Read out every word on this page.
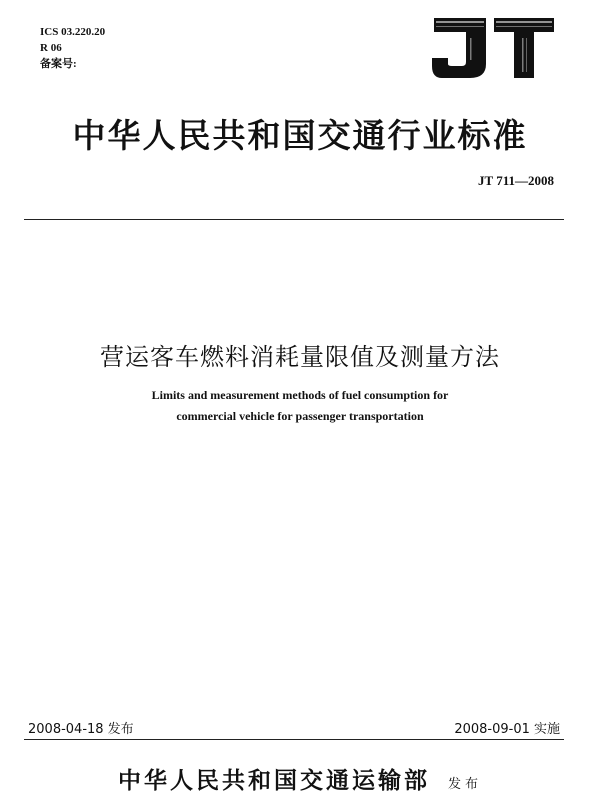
ICS 03.220.20
R 06
备案号:
中华人民共和国交通行业标准
JT 711—2008
营运客车燃料消耗量限值及测量方法
Limits and measurement methods of fuel consumption for
commercial vehicle for passenger transportation
2008-04-18 发布	2008-09-01 实施
中华人民共和国交通运输部 发布
